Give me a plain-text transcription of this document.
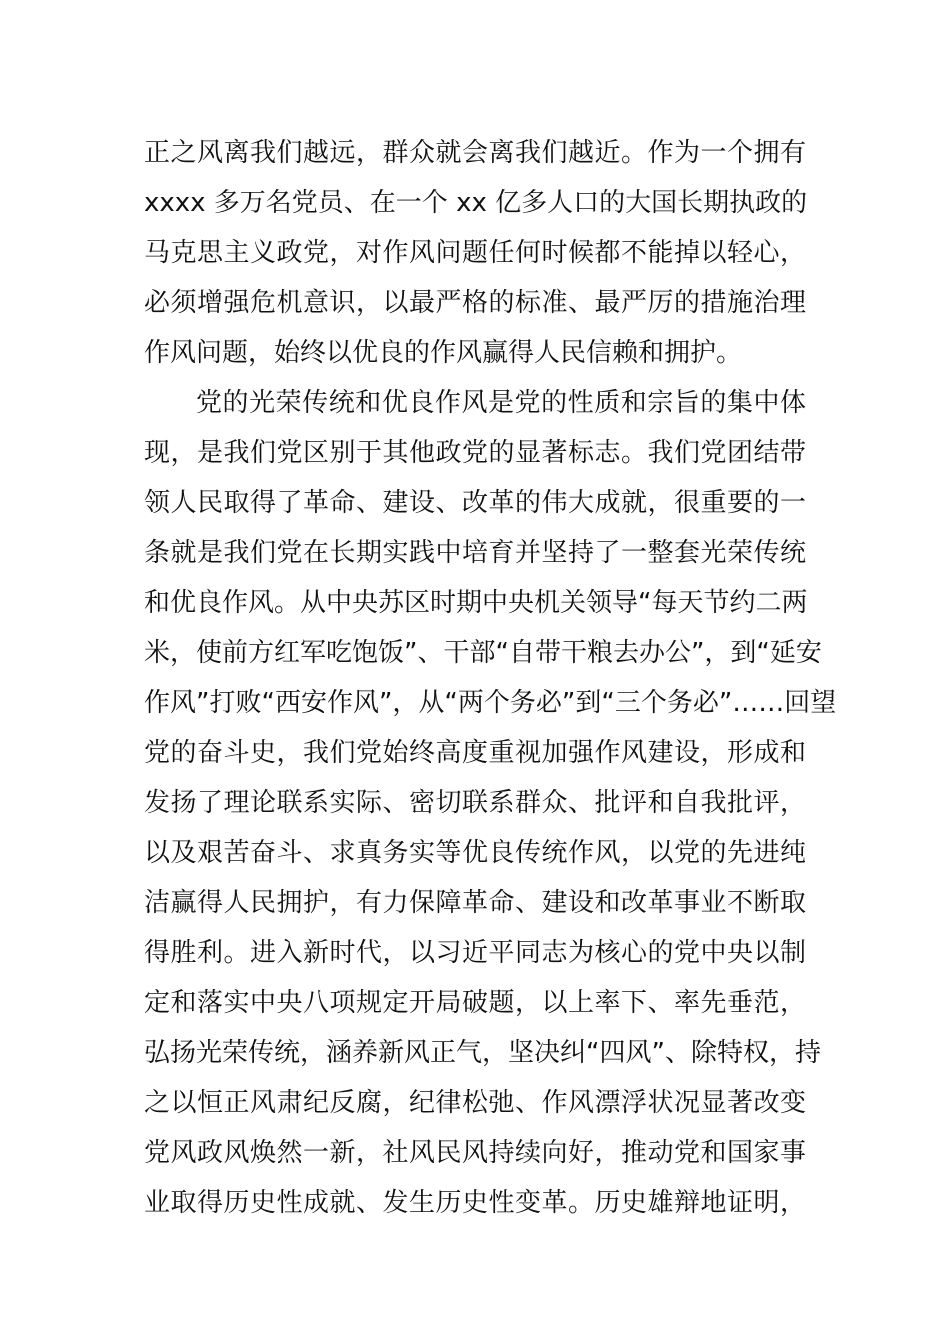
正之风离我们越远，群众就会离我们越近。作为一个拥有
xxxx 多万名党员、在一个 xx 亿多人口的大国长期执政的
马克思主义政党，对作风问题任何时候都不能掉以轻心，
必须增强危机意识，以最严格的标准、最严厉的措施治理
作风问题，始终以优良的作风赢得人民信赖和拥护。
党的光荣传统和优良作风是党的性质和宗旨的集中体
现，是我们党区别于其他政党的显著标志。我们党团结带
领人民取得了革命、建设、改革的伟大成就，很重要的一
条就是我们党在长期实践中培育并坚持了一整套光荣传统
和优良作风。从中央苏区时期中央机关领导“每天节约二两
米，使前方红军吃饱饭”、干部“自带干粮去办公”，到“延安
作风”打败“西安作风”，从“两个务必”到“三个务必”……回望
党的奋斗史，我们党始终高度重视加强作风建设，形成和
发扬了理论联系实际、密切联系群众、批评和自我批评，
以及艰苦奋斗、求真务实等优良传统作风，以党的先进纯
洁赢得人民拥护，有力保障革命、建设和改革事业不断取
得胜利。进入新时代，以习近平同志为核心的党中央以制
定和落实中央八项规定开局破题，以上率下、率先垂范，
弘扬光荣传统，涵养新风正气，坚决纠“四风”、除特权，持
之以恒正风肃纪反腐，纪律松弛、作风漂浮状况显著改变
党风政风焕然一新，社风民风持续向好，推动党和国家事
业取得历史性成就、发生历史性变革。历史雄辩地证明，
